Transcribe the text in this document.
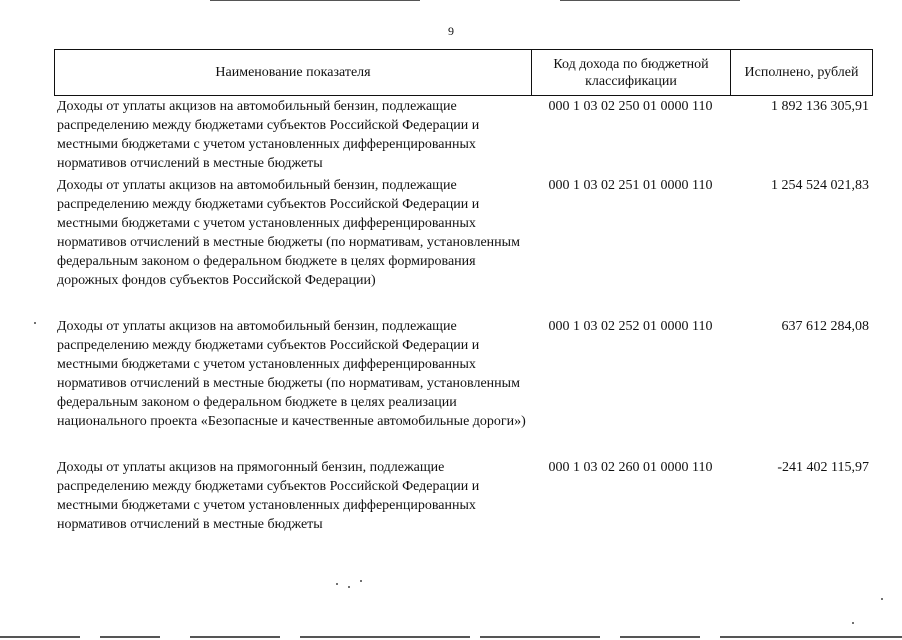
9
Наименование показателя
Код дохода по бюджетной классификации
Исполнено, рублей
Доходы от уплаты акцизов на автомобильный бензин, подлежащие распределению между бюджетами субъектов Российской Федерации и местными бюджетами с учетом установленных дифференцированных нормативов отчислений в местные бюджеты
000 1 03 02 250 01 0000 110	1 892 136 305,91
Доходы от уплаты акцизов на автомобильный бензин, подлежащие распределению между бюджетами субъектов Российской Федерации и местными бюджетами с учетом установленных дифференцированных нормативов отчислений в местные бюджеты (по нормативам, установленным федеральным законом о федеральном бюджете в целях формирования дорожных фондов субъектов Российской Федерации)
000 1 03 02 251 01 0000 110	1 254 524 021,83
Доходы от уплаты акцизов на автомобильный бензин, подлежащие распределению между бюджетами субъектов Российской Федерации и местными бюджетами с учетом установленных дифференцированных нормативов отчислений в местные бюджеты (по нормативам, установленным федеральным законом о федеральном бюджете в целях реализации национального проекта «Безопасные и качественные автомобильные дороги»)
000 1 03 02 252 01 0000 110	637 612 284,08
Доходы от уплаты акцизов на прямогонный бензин, подлежащие распределению между бюджетами субъектов Российской Федерации и местными бюджетами с учетом установленных дифференцированных нормативов отчислений в местные бюджеты
000 1 03 02 260 01 0000 110	-241 402 115,97
